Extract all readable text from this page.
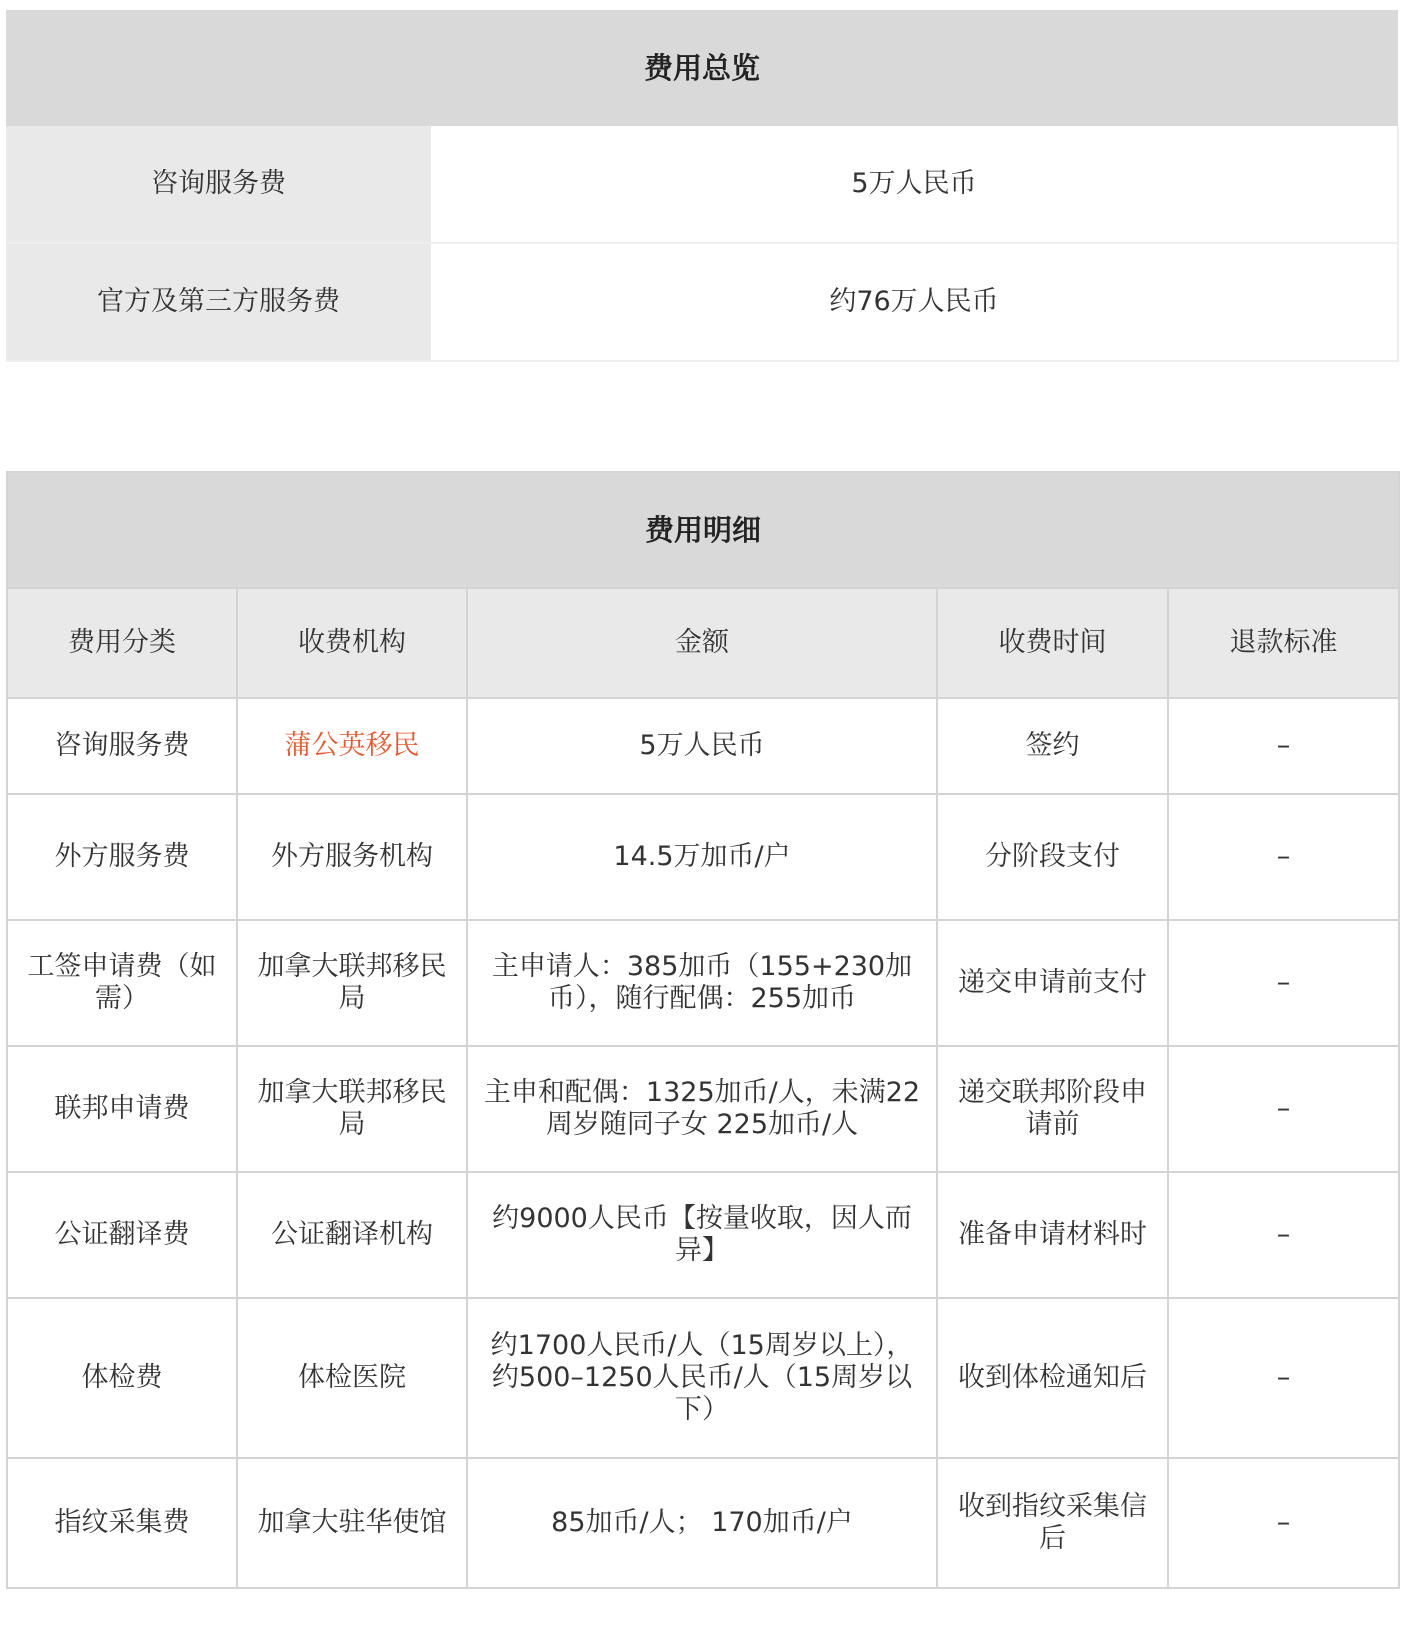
费用总览	
咨询服务费	5万人民币
官方及第三方服务费	约76万人民币
费用明细				
费用分类	收费机构	金额	收费时间	退款标准
咨询服务费	蒲公英移民	5万人民币	签约	–
外方服务费	外方服务机构	14.5万加币/户	分阶段支付	–
工签申请费（如需）	加拿大联邦移民局	主申请人：385加币（155+230加币），随行配偶：255加币	递交申请前支付	–
联邦申请费	加拿大联邦移民局	主申和配偶：1325加币/人，未满22周岁随同子女 225加币/人	递交联邦阶段申请前	–
公证翻译费	公证翻译机构	约9000人民币【按量收取，因人而异】	准备申请材料时	–
体检费	体检医院	约1700人民币/人（15周岁以上），约500–1250人民币/人（15周岁以下）	收到体检通知后	–
指纹采集费	加拿大驻华使馆	85加币/人； 170加币/户	收到指纹采集信后	–
